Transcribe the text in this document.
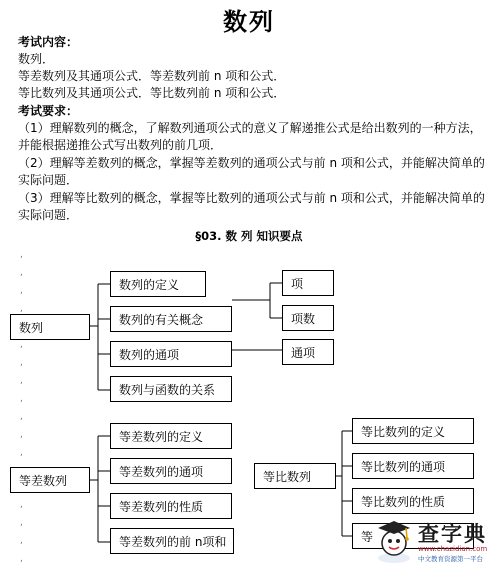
数列
考试内容：
数列．
等差数列及其通项公式．等差数列前 n 项和公式．
等比数列及其通项公式．等比数列前 n 项和公式．
考试要求：
（1）理解数列的概念，了解数列通项公式的意义了解递推公式是给出数列的一种方法，并能根据递推公式写出数列的前几项．
（2）理解等差数列的概念，掌握等差数列的通项公式与前 n 项和公式，并能解决简单的实际问题．
（3）理解等比数列的概念，掌握等比数列的通项公式与前 n 项和公式，并能解决简单的实际问题．
§03. 数 列 知识要点
,
,
,
,
,
,
,
,
,
,
,
,
,
,
,
数列
数列的定义
数列的有关概念
数列的通项
数列与函数的关系
项
项数
通项
等差数列
等差数列的定义
等差数列的通项
等差数列的性质
等差数列的前 n项和
等比数列
等比数列的定义
等比数列的通项
等比数列的性质
等	查字典
www.chazidian.com
中文教育资源第一平台
